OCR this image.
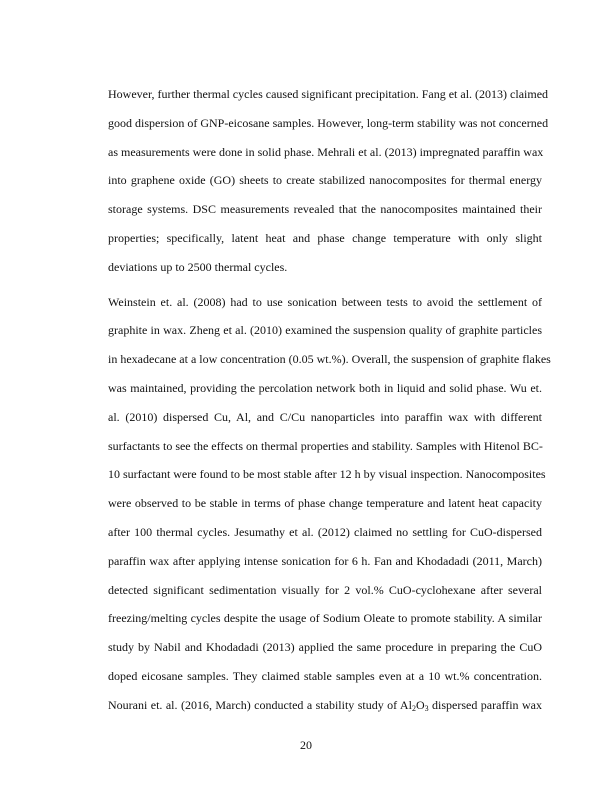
However, further thermal cycles caused significant precipitation. Fang et al. (2013) claimed
good dispersion of GNP-eicosane samples. However, long-term stability was not concerned
as measurements were done in solid phase. Mehrali et al. (2013) impregnated paraffin wax
into graphene oxide (GO) sheets to create stabilized nanocomposites for thermal energy
storage systems. DSC measurements revealed that the nanocomposites maintained their
properties; specifically, latent heat and phase change temperature with only slight
deviations up to 2500 thermal cycles.

Weinstein et. al. (2008) had to use sonication between tests to avoid the settlement of
graphite in wax. Zheng et al. (2010) examined the suspension quality of graphite particles
in hexadecane at a low concentration (0.05 wt.%). Overall, the suspension of graphite flakes
was maintained, providing the percolation network both in liquid and solid phase. Wu et.
al. (2010) dispersed Cu, Al, and C/Cu nanoparticles into paraffin wax with different
surfactants to see the effects on thermal properties and stability. Samples with Hitenol BC-
10 surfactant were found to be most stable after 12 h by visual inspection. Nanocomposites
were observed to be stable in terms of phase change temperature and latent heat capacity
after 100 thermal cycles. Jesumathy et al. (2012) claimed no settling for CuO-dispersed
paraffin wax after applying intense sonication for 6 h. Fan and Khodadadi (2011, March)
detected significant sedimentation visually for 2 vol.% CuO-cyclohexane after several
freezing/melting cycles despite the usage of Sodium Oleate to promote stability. A similar
study by Nabil and Khodadadi (2013) applied the same procedure in preparing the CuO
doped eicosane samples. They claimed stable samples even at a 10 wt.% concentration.
Nourani et. al. (2016, March) conducted a stability study of $Al_2O_3$ dispersed paraffin wax

20
